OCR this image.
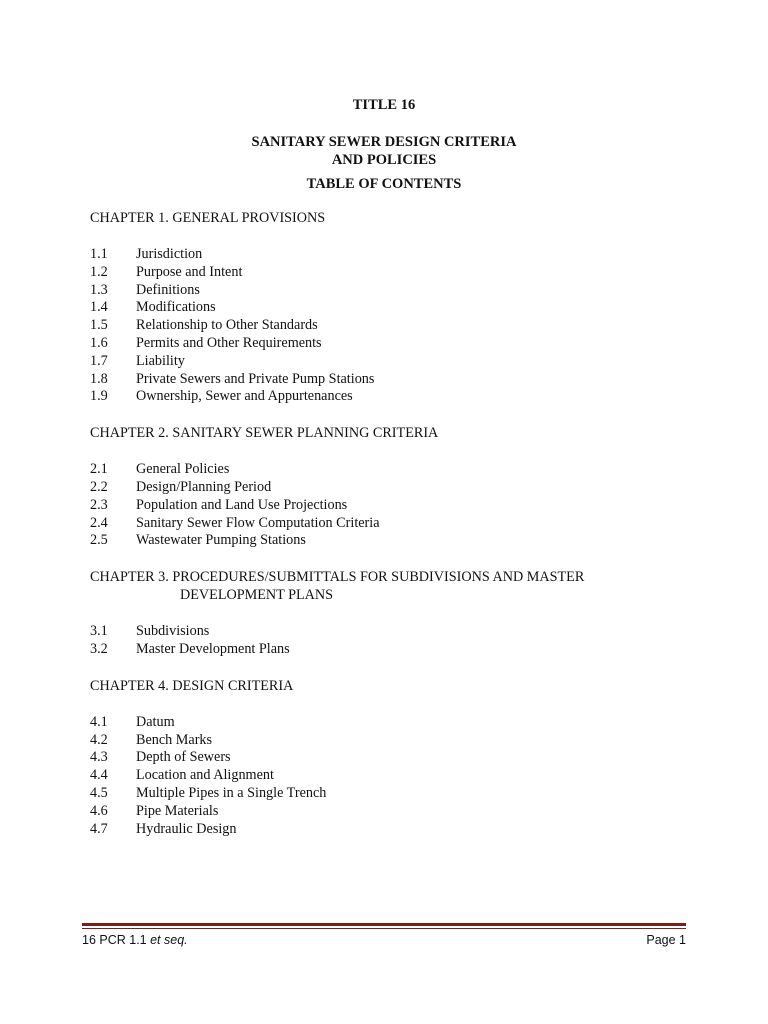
TITLE 16
SANITARY SEWER DESIGN CRITERIA
AND POLICIES
TABLE OF CONTENTS
CHAPTER 1. GENERAL PROVISIONS
1.1 Jurisdiction
1.2 Purpose and Intent
1.3 Definitions
1.4 Modifications
1.5 Relationship to Other Standards
1.6 Permits and Other Requirements
1.7 Liability
1.8 Private Sewers and Private Pump Stations
1.9 Ownership, Sewer and Appurtenances
CHAPTER 2. SANITARY SEWER PLANNING CRITERIA
2.1 General Policies
2.2 Design/Planning Period
2.3 Population and Land Use Projections
2.4 Sanitary Sewer Flow Computation Criteria
2.5 Wastewater Pumping Stations
CHAPTER 3. PROCEDURES/SUBMITTALS FOR SUBDIVISIONS AND MASTER
DEVELOPMENT PLANS
3.1 Subdivisions
3.2 Master Development Plans
CHAPTER 4. DESIGN CRITERIA
4.1 Datum
4.2 Bench Marks
4.3 Depth of Sewers
4.4 Location and Alignment
4.5 Multiple Pipes in a Single Trench
4.6 Pipe Materials
4.7 Hydraulic Design
16 PCR 1.1 et seq.	Page 1
